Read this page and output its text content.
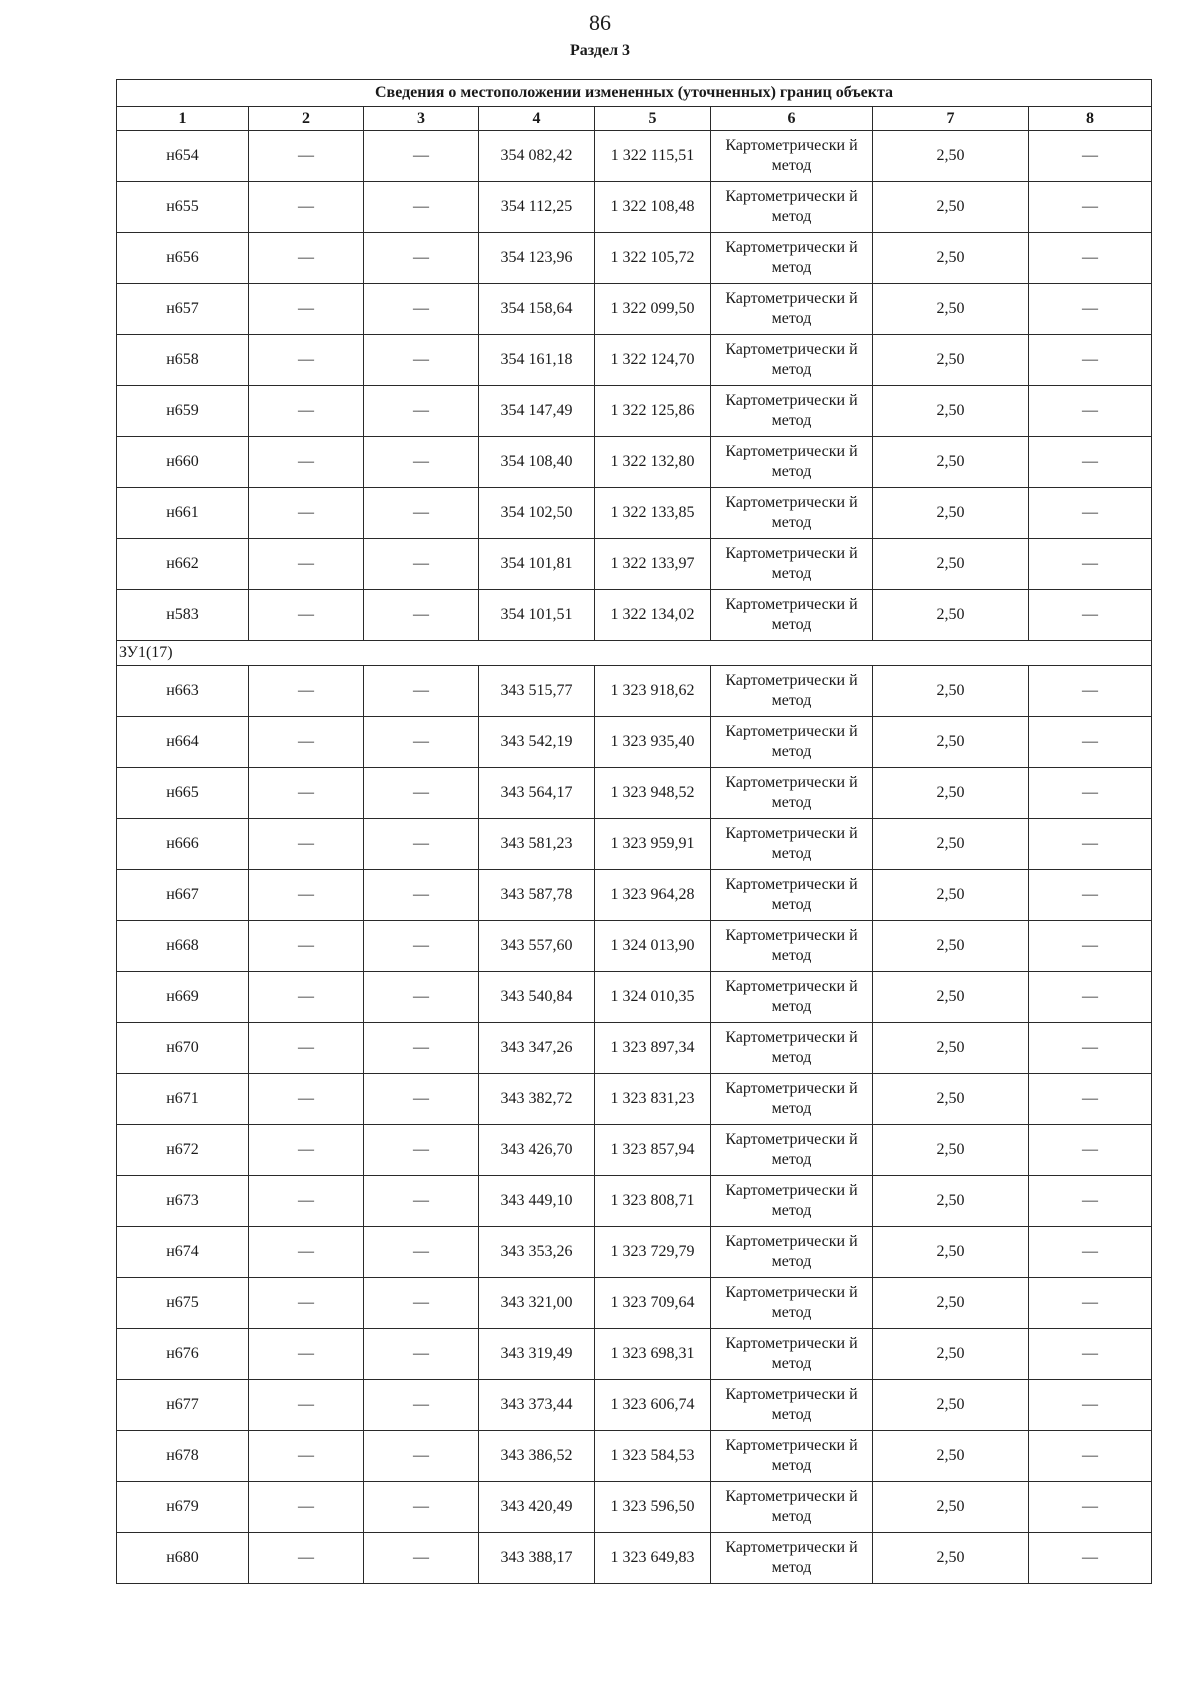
86
Раздел 3
Сведения о местоположении измененных (уточненных) границ объекта							
1	2	3	4	5	6	7	8
н654	—	—	354 082,42	1 322 115,51	Картометрически й метод	2,50	—
н655	—	—	354 112,25	1 322 108,48	Картометрически й метод	2,50	—
н656	—	—	354 123,96	1 322 105,72	Картометрически й метод	2,50	—
н657	—	—	354 158,64	1 322 099,50	Картометрически й метод	2,50	—
н658	—	—	354 161,18	1 322 124,70	Картометрически й метод	2,50	—
н659	—	—	354 147,49	1 322 125,86	Картометрически й метод	2,50	—
н660	—	—	354 108,40	1 322 132,80	Картометрически й метод	2,50	—
н661	—	—	354 102,50	1 322 133,85	Картометрически й метод	2,50	—
н662	—	—	354 101,81	1 322 133,97	Картометрически й метод	2,50	—
н583	—	—	354 101,51	1 322 134,02	Картометрически й метод	2,50	—
ЗУ1(17)							
н663	—	—	343 515,77	1 323 918,62	Картометрически й метод	2,50	—
н664	—	—	343 542,19	1 323 935,40	Картометрически й метод	2,50	—
н665	—	—	343 564,17	1 323 948,52	Картометрически й метод	2,50	—
н666	—	—	343 581,23	1 323 959,91	Картометрически й метод	2,50	—
н667	—	—	343 587,78	1 323 964,28	Картометрически й метод	2,50	—
н668	—	—	343 557,60	1 324 013,90	Картометрически й метод	2,50	—
н669	—	—	343 540,84	1 324 010,35	Картометрически й метод	2,50	—
н670	—	—	343 347,26	1 323 897,34	Картометрически й метод	2,50	—
н671	—	—	343 382,72	1 323 831,23	Картометрически й метод	2,50	—
н672	—	—	343 426,70	1 323 857,94	Картометрически й метод	2,50	—
н673	—	—	343 449,10	1 323 808,71	Картометрически й метод	2,50	—
н674	—	—	343 353,26	1 323 729,79	Картометрически й метод	2,50	—
н675	—	—	343 321,00	1 323 709,64	Картометрически й метод	2,50	—
н676	—	—	343 319,49	1 323 698,31	Картометрически й метод	2,50	—
н677	—	—	343 373,44	1 323 606,74	Картометрически й метод	2,50	—
н678	—	—	343 386,52	1 323 584,53	Картометрически й метод	2,50	—
н679	—	—	343 420,49	1 323 596,50	Картометрически й метод	2,50	—
н680	—	—	343 388,17	1 323 649,83	Картометрически й метод	2,50	—
